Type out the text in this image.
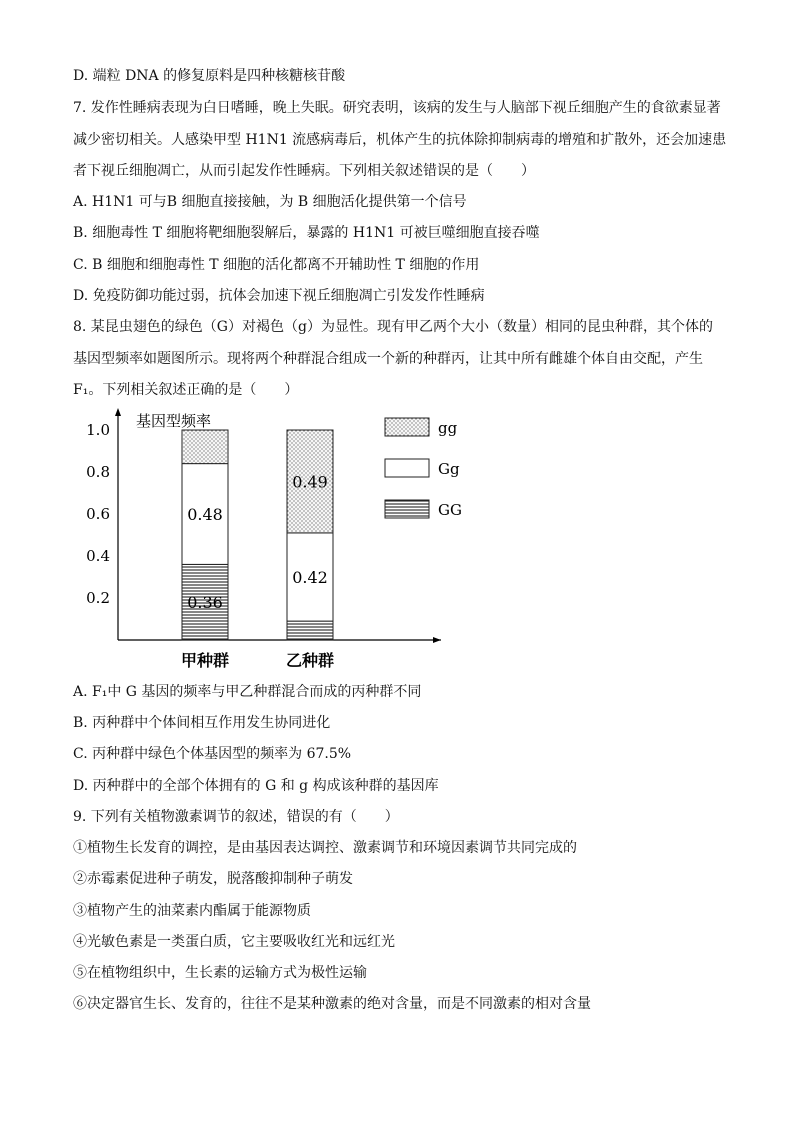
D. 端粒 DNA 的修复原料是四种核糖核苷酸
7. 发作性睡病表现为白日嗜睡，晚上失眠。研究表明，该病的发生与人脑部下视丘细胞产生的食欲素显著
减少密切相关。人感染甲型 H1N1 流感病毒后，机体产生的抗体除抑制病毒的增殖和扩散外，还会加速患
者下视丘细胞凋亡，从而引起发作性睡病。下列相关叙述错误的是（　　）
A. H1N1 可与B 细胞直接接触，为 B 细胞活化提供第一个信号
B. 细胞毒性 T 细胞将靶细胞裂解后，暴露的 H1N1 可被巨噬细胞直接吞噬
C. B 细胞和细胞毒性 T 细胞的活化都离不开辅助性 T 细胞的作用
D. 免疫防御功能过弱，抗体会加速下视丘细胞凋亡引发发作性睡病
8. 某昆虫翅色的绿色（G）对褐色（g）为显性。现有甲乙两个大小（数量）相同的昆虫种群，其个体的
基因型频率如题图所示。现将两个种群混合组成一个新的种群丙，让其中所有雌雄个体自由交配，产生
F₁。下列相关叙述正确的是（　　）
基因型频率
0.2
0.4
0.6
0.8
1.0
0.36
0.48
甲种群
0.42
0.49
乙种群
gg
Gg
GG
A. F₁中 G 基因的频率与甲乙种群混合而成的丙种群不同
B. 丙种群中个体间相互作用发生协同进化
C. 丙种群中绿色个体基因型的频率为 67.5%
D. 丙种群中的全部个体拥有的 G 和 g 构成该种群的基因库
9. 下列有关植物激素调节的叙述，错误的有（　　）
①植物生长发育的调控，是由基因表达调控、激素调节和环境因素调节共同完成的
②赤霉素促进种子萌发，脱落酸抑制种子萌发
③植物产生的油菜素内酯属于能源物质
④光敏色素是一类蛋白质，它主要吸收红光和远红光
⑤在植物组织中，生长素的运输方式为极性运输
⑥决定器官生长、发育的，往往不是某种激素的绝对含量，而是不同激素的相对含量
